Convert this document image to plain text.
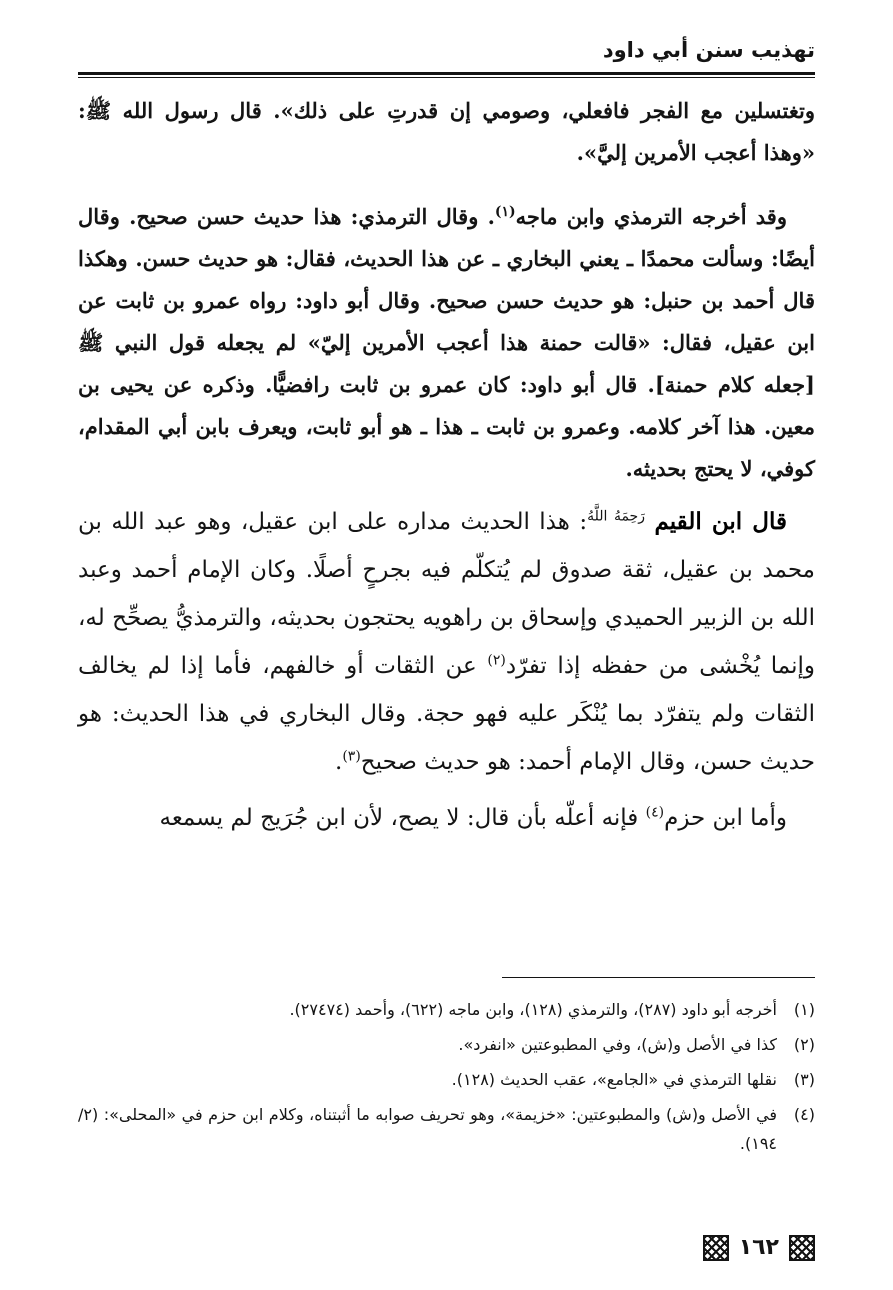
تهذيب سنن أبي داود

وتغتسلين مع الفجر فافعلي، وصومي إن قدرتِ على ذلك». قال رسول الله ﷺ: «وهذا أعجب الأمرين إليَّ».

وقد أخرجه الترمذي وابن ماجه$^{(١)}$. وقال الترمذي: هذا حديث حسن صحيح. وقال أيضًا: وسألت محمدًا ـ يعني البخاري ـ عن هذا الحديث، فقال: هو حديث حسن. وهكذا قال أحمد بن حنبل: هو حديث حسن صحيح. وقال أبو داود: رواه عمرو بن ثابت عن ابن عقيل، فقال: «قالت حمنة هذا أعجب الأمرين إليّ» لم يجعله قول النبي ﷺ [جعله كلام حمنة]. قال أبو داود: كان عمرو بن ثابت رافضيًّا. وذكره عن يحيى بن معين. هذا آخر كلامه. وعمرو بن ثابت ـ هذا ـ هو أبو ثابت، ويعرف بابن أبي المقدام، كوفي، لا يحتج بحديثه.

قال ابن القيم $^{رَحِمَهُ اللَّهُ}$: هذا الحديث مداره على ابن عقيل، وهو عبد الله بن محمد بن عقيل، ثقة صدوق لم يُتكلّم فيه بجرحٍ أصلًا. وكان الإمام أحمد وعبد الله بن الزبير الحميدي وإسحاق بن راهويه يحتجون بحديثه، والترمذيُّ يصحِّح له، وإنما يُخْشى من حفظه إذا تفرّد$^{(٢)}$ عن الثقات أو خالفهم، فأما إذا لم يخالف الثقات ولم يتفرّد بما يُنْكَر عليه فهو حجة. وقال البخاري في هذا الحديث: هو حديث حسن، وقال الإمام أحمد: هو حديث صحيح$^{(٣)}$.

وأما ابن حزم$^{(٤)}$ فإنه أعلّه بأن قال: لا يصح، لأن ابن جُرَيج لم يسمعه

(١)
أخرجه أبو داود (٢٨٧)، والترمذي (١٢٨)، وابن ماجه (٦٢٢)، وأحمد (٢٧٤٧٤).
(٢)
كذا في الأصل و(ش)، وفي المطبوعتين «انفرد».
(٣)
نقلها الترمذي في «الجامع»، عقب الحديث (١٢٨).
(٤)
في الأصل و(ش) والمطبوعتين: «خزيمة»، وهو تحريف صوابه ما أثبتناه، وكلام ابن حزم في «المحلى»: (٢/ ١٩٤).
١٦٢
